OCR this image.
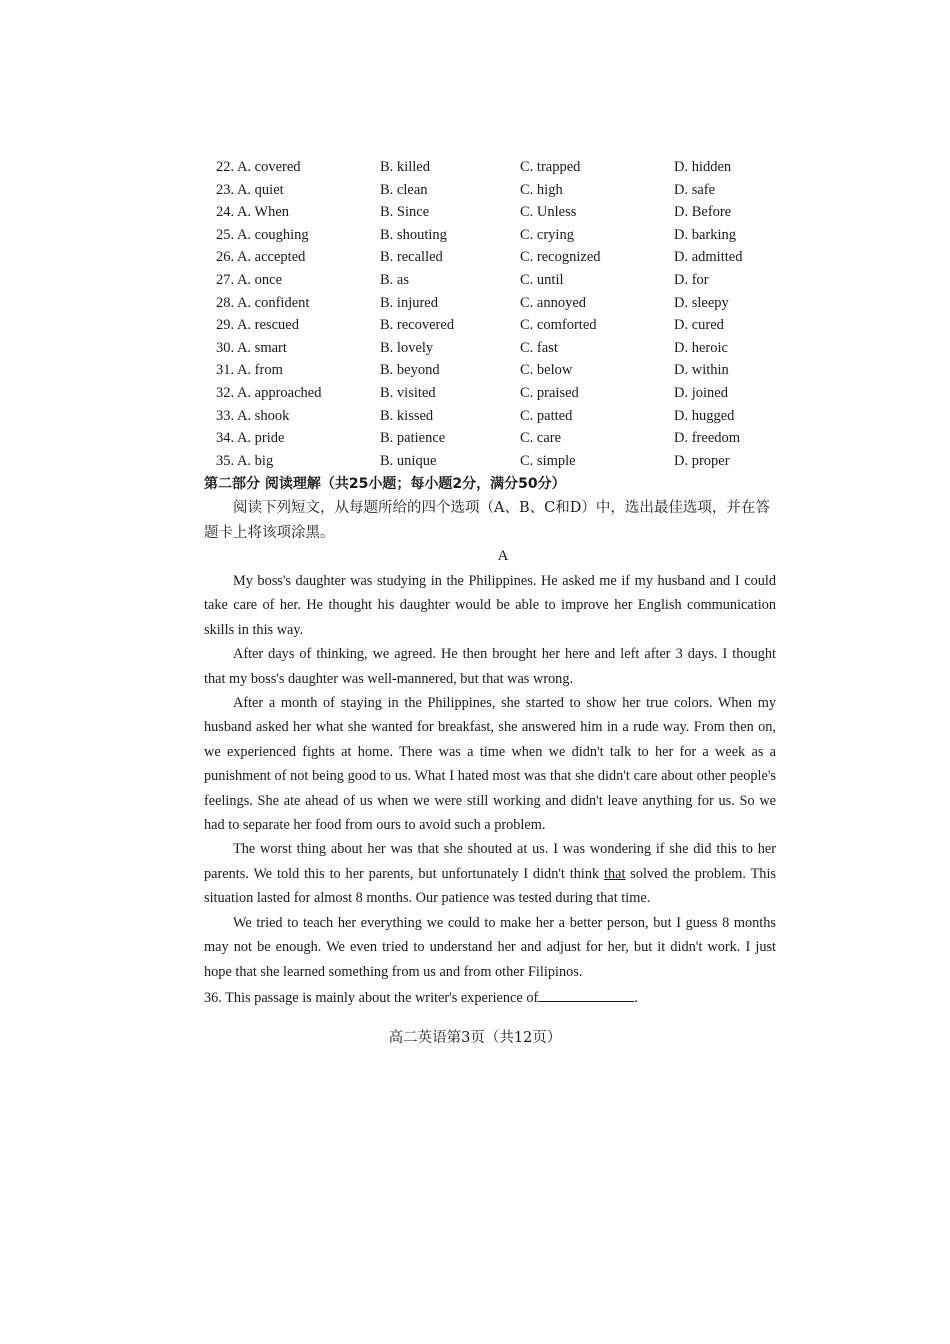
22. A. covered	B. killed	C. trapped	D. hidden
23. A. quiet	B. clean	C. high	D. safe
24. A. When	B. Since	C. Unless	D. Before
25. A. coughing	B. shouting	C. crying	D. barking
26. A. accepted	B. recalled	C. recognized	D. admitted
27. A. once	B. as	C. until	D. for
28. A. confident	B. injured	C. annoyed	D. sleepy
29. A. rescued	B. recovered	C. comforted	D. cured
30. A. smart	B. lovely	C. fast	D. heroic
31. A. from	B. beyond	C. below	D. within
32. A. approached	B. visited	C. praised	D. joined
33. A. shook	B. kissed	C. patted	D. hugged
34. A. pride	B. patience	C. care	D. freedom
35. A. big	B. unique	C. simple	D. proper
第二部分 阅读理解（共25小题；每小题2分，满分50分）
阅读下列短文，从每题所给的四个选项（A、B、C和D）中，选出最佳选项，并在答题卡上将该项涂黑。
A

My boss's daughter was studying in the Philippines. He asked me if my husband and I could take care of her. He thought his daughter would be able to improve her English communication skills in this way.

After days of thinking, we agreed. He then brought her here and left after 3 days. I thought that my boss's daughter was well-mannered, but that was wrong.

After a month of staying in the Philippines, she started to show her true colors. When my husband asked her what she wanted for breakfast, she answered him in a rude way. From then on, we experienced fights at home. There was a time when we didn't talk to her for a week as a punishment of not being good to us. What I hated most was that she didn't care about other people's feelings. She ate ahead of us when we were still working and didn't leave anything for us. So we had to separate her food from ours to avoid such a problem.

The worst thing about her was that she shouted at us. I was wondering if she did this to her parents. We told this to her parents, but unfortunately I didn't think that solved the problem. This situation lasted for almost 8 months. Our patience was tested during that time.

We tried to teach her everything we could to make her a better person, but I guess 8 months may not be enough. We even tried to understand her and adjust for her, but it didn't work. I just hope that she learned something from us and from other Filipinos.

36. This passage is mainly about the writer's experience of	.
高二英语第3页（共12页）
